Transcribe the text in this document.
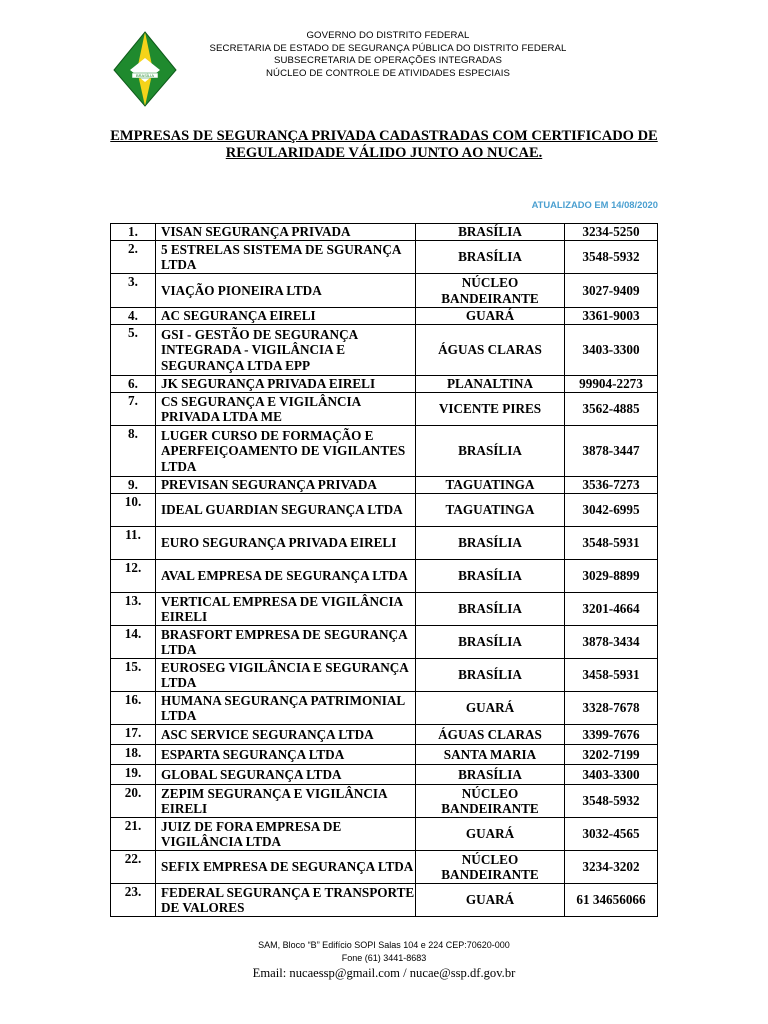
BRASÍLIA
GOVERNO DO DISTRITO FEDERAL
SECRETARIA DE ESTADO DE SEGURANÇA PÚBLICA DO DISTRITO FEDERAL
SUBSECRETARIA DE OPERAÇÕES INTEGRADAS
NÚCLEO DE CONTROLE DE ATIVIDADES ESPECIAIS
EMPRESAS DE SEGURANÇA PRIVADA CADASTRADAS COM CERTIFICADO DE
REGULARIDADE VÁLIDO JUNTO AO NUCAE.
ATUALIZADO EM 14/08/2020
1.	VISAN SEGURANÇA PRIVADA	BRASÍLIA	3234-5250
2.	5 ESTRELAS SISTEMA DE SGURANÇA LTDA	BRASÍLIA	3548-5932
3.	VIAÇÃO PIONEIRA LTDA	NÚCLEO BANDEIRANTE	3027-9409
4.	AC SEGURANÇA EIRELI	GUARÁ	3361-9003
5.	GSI - GESTÃO DE SEGURANÇA INTEGRADA - VIGILÂNCIA E SEGURANÇA LTDA EPP	ÁGUAS CLARAS	3403-3300
6.	JK SEGURANÇA PRIVADA EIRELI	PLANALTINA	99904-2273
7.	CS SEGURANÇA E VIGILÂNCIA PRIVADA LTDA ME	VICENTE PIRES	3562-4885
8.	LUGER CURSO DE FORMAÇÃO E APERFEIÇOAMENTO DE VIGILANTES LTDA	BRASÍLIA	3878-3447
9.	PREVISAN SEGURANÇA PRIVADA	TAGUATINGA	3536-7273
10.	IDEAL GUARDIAN SEGURANÇA LTDA	TAGUATINGA	3042-6995
11.	EURO SEGURANÇA PRIVADA EIRELI	BRASÍLIA	3548-5931
12.	AVAL EMPRESA DE SEGURANÇA LTDA	BRASÍLIA	3029-8899
13.	VERTICAL EMPRESA DE VIGILÂNCIA EIRELI	BRASÍLIA	3201-4664
14.	BRASFORT EMPRESA DE SEGURANÇA LTDA	BRASÍLIA	3878-3434
15.	EUROSEG VIGILÂNCIA E SEGURANÇA LTDA	BRASÍLIA	3458-5931
16.	HUMANA SEGURANÇA PATRIMONIAL LTDA	GUARÁ	3328-7678
17.	ASC SERVICE SEGURANÇA LTDA	ÁGUAS CLARAS	3399-7676
18.	ESPARTA SEGURANÇA LTDA	SANTA MARIA	3202-7199
19.	GLOBAL SEGURANÇA LTDA	BRASÍLIA	3403-3300
20.	ZEPIM SEGURANÇA E VIGILÂNCIA EIRELI	NÚCLEO BANDEIRANTE	3548-5932
21.	JUIZ DE FORA EMPRESA DE VIGILÂNCIA LTDA	GUARÁ	3032-4565
22.	SEFIX EMPRESA DE SEGURANÇA LTDA	NÚCLEO BANDEIRANTE	3234-3202
23.	FEDERAL SEGURANÇA E TRANSPORTE DE VALORES	GUARÁ	61 34656066
SAM, Bloco “B” Edifício SOPI Salas 104 e 224 CEP:70620-000
Fone (61) 3441-8683
Email: nucaessp@gmail.com / nucae@ssp.df.gov.br
